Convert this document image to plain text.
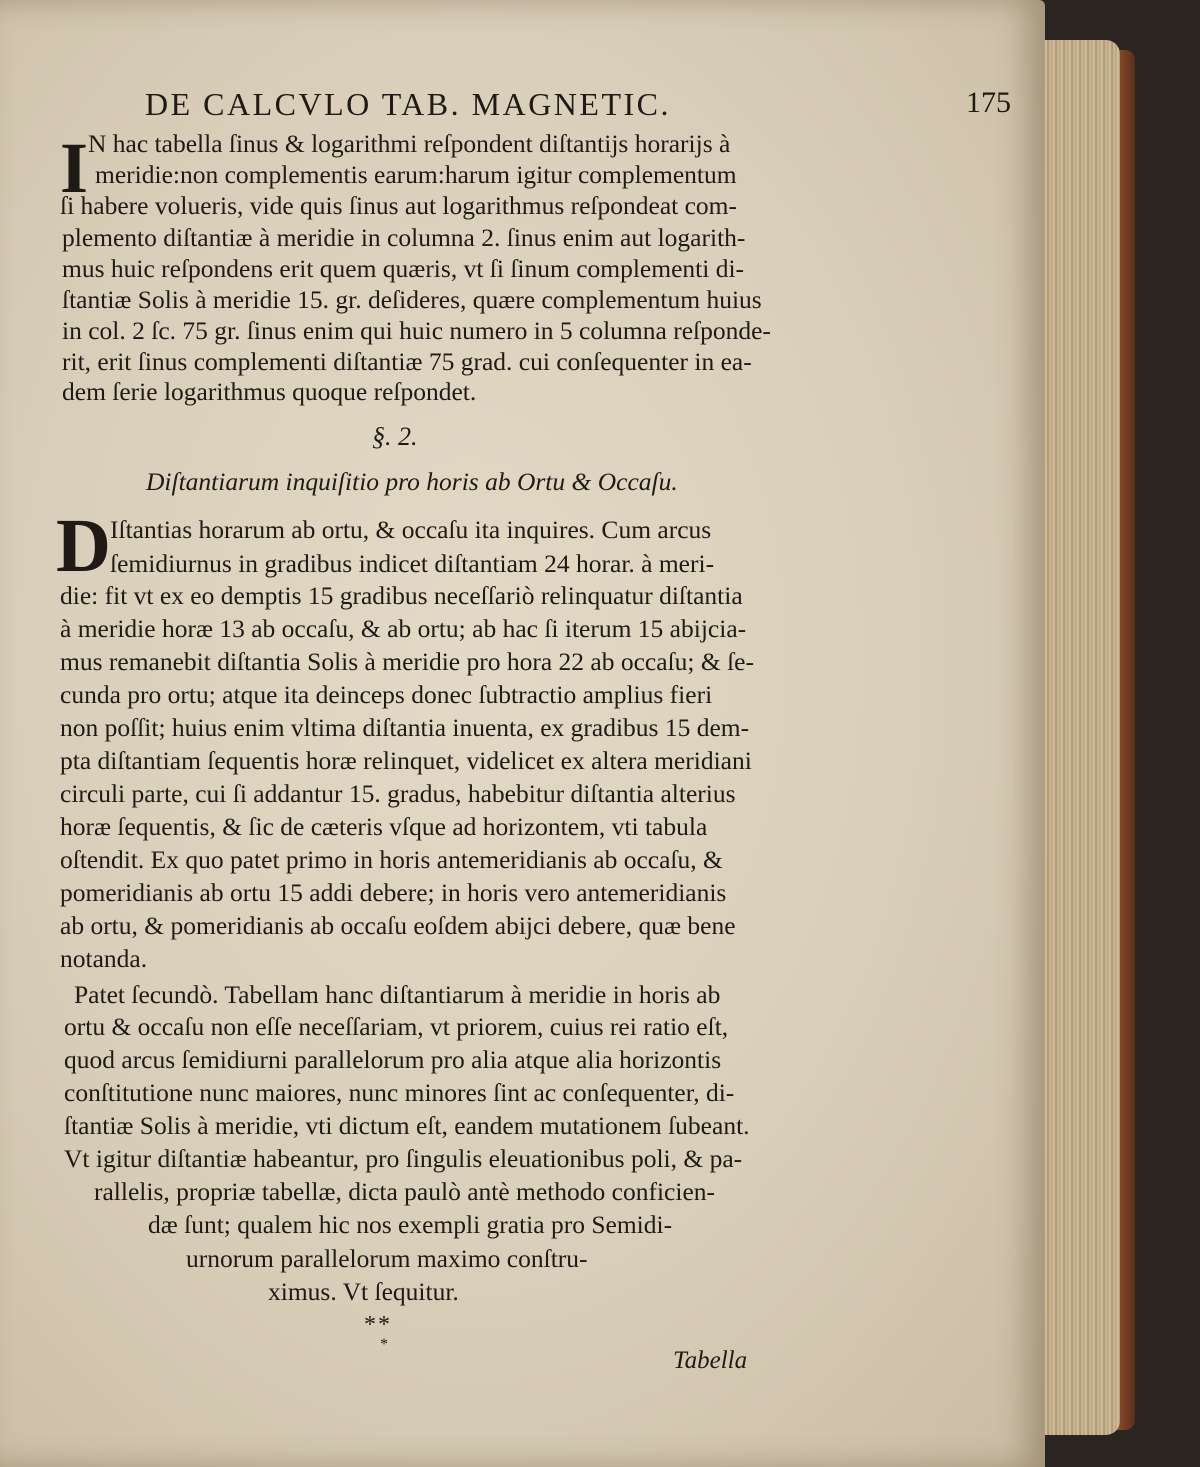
DE CALCVLO TAB. MAGNETIC.	175
I N hac tabella ſinus & logarithmi reſpondent diſtantijs horarijs à
meridie:non complementis earum:harum igitur complementum
ſi habere volueris, vide quis ſinus aut logarithmus reſpondeat com-
plemento diſtantiæ à meridie in columna 2. ſinus enim aut logarith-
mus huic reſpondens erit quem quæris, vt ſi ſinum complementi di-
ſtantiæ Solis à meridie 15. gr. deſideres, quære complementum huius
in col. 2 ſc. 75 gr. ſinus enim qui huic numero in 5 columna reſponde-
rit, erit ſinus complementi diſtantiæ 75 grad. cui conſequenter in ea-
dem ſerie logarithmus quoque reſpondet.
§. 2.
Diſtantiarum inquiſitio pro horis ab Ortu & Occaſu.
D Iſtantias horarum ab ortu, & occaſu ita inquires. Cum arcus
ſemidiurnus in gradibus indicet diſtantiam 24 horar. à meri-
die: fit vt ex eo demptis 15 gradibus neceſſariò relinquatur diſtantia
à meridie horæ 13 ab occaſu, & ab ortu; ab hac ſi iterum 15 abijcia-
mus remanebit diſtantia Solis à meridie pro hora 22 ab occaſu; & ſe-
cunda pro ortu; atque ita deinceps donec ſubtractio amplius fieri
non poſſit; huius enim vltima diſtantia inuenta, ex gradibus 15 dem-
pta diſtantiam ſequentis horæ relinquet, videlicet ex altera meridiani
circuli parte, cui ſi addantur 15. gradus, habebitur diſtantia alterius
horæ ſequentis, & ſic de cæteris vſque ad horizontem, vti tabula
oſtendit. Ex quo patet primo in horis antemeridianis ab occaſu, &
pomeridianis ab ortu 15 addi debere; in horis vero antemeridianis
ab ortu, & pomeridianis ab occaſu eoſdem abijci debere, quæ bene
notanda.
Patet ſecundò. Tabellam hanc diſtantiarum à meridie in horis ab
ortu & occaſu non eſſe neceſſariam, vt priorem, cuius rei ratio eſt,
quod arcus ſemidiurni parallelorum pro alia atque alia horizontis
conſtitutione nunc maiores, nunc minores ſint ac conſequenter, di-
ſtantiæ Solis à meridie, vti dictum eſt, eandem mutationem ſubeant.
Vt igitur diſtantiæ habeantur, pro ſingulis eleuationibus poli, & pa-
rallelis, propriæ tabellæ, dicta paulò antè methodo conficien-
dæ ſunt; qualem hic nos exempli gratia pro Semidi-
urnorum parallelorum maximo conſtru-
ximus. Vt ſequitur.
* *
*
Tabella
